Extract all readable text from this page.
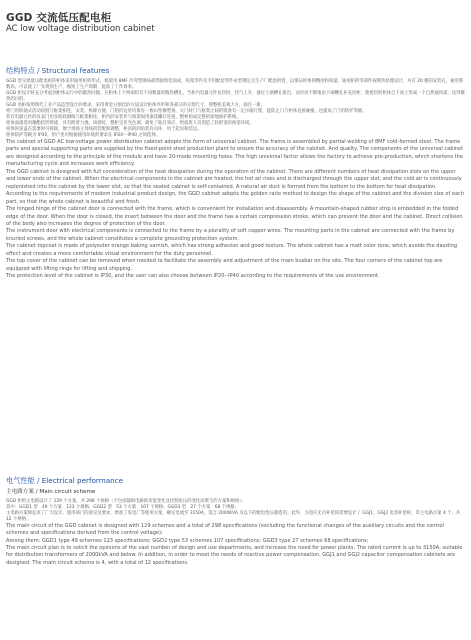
GGD 交流低压配电柜
AC low voltage distribution cabinet
结构特点 / Structural features

GGD 型交流低压配电柜的柜体采用通用柜的形式，框架用 8MF 冷弯型钢局部焊接组装而成，构架零件及专用配套零件由型钢定点生产厂配套供货，以保证柜体的精度和质量。通用柜的零部件按模块原理设计，并有 20 模的安装孔，通用系数高。可以使工厂实现预生产，缩短了生产周期，提高了工作效率。

GGD 柜设计时充分考虑到柜体运行中的散热问题。在柜体上下两端均有不同数量的散热槽孔，当柜内电器元件发热时，热气上升，通过上端槽孔排出，而冷风不断地由下端槽孔补充进柜，使密封的柜体自下而上形成一个自然通风道，达到散热的目的。

GGD 电柜按照现代工业产品造型设计的要求，采用黄金分割比的方法设计柜体外形和各部分的分割尺寸，使整柜美观大方，面目一新。

柜门用转轴式活动铰链与框架相连，安装、拆卸方便。门的折边处均嵌有一根山型橡塑条，关门时门与框架之间的嵌条有一定压缩行程，能防止门与柜体直接碰撞，也提高了门的防护等级。

装有电器元件的仪表门用多股软铜线与框架相连，柜内的安装件与构架间用滚花螺钉连接，整柜构成完整的接地保护系统。

柜体面漆选用聚酯桔形烤漆，具有附着力强，质感好，整柜呈亚光色调，避免了眩目效应，给值班人员创造了较舒适的视觉环境。

柜体的顶盖在需要时可拆除，便于现场主母线的装配和调整，柜顶的四角装有吊环，用于起吊和装运。

柜体防护等级为 IP30，用户也可根据使用环境的要求在 IP20～IP40 之间选择。

The cabinet of GGD AC low-voltage power distribution cabinet adopts the form of universal cabinet. The frame is assembled by partial welding of 8MF cold-formed steel. The frame parts and special supporting parts are supplied by the fixed-point steel production plant to ensure the accuracy of the cabinet. And quality. The components of the universal cabinet are designed according to the principle of the module and have 20-mode mounting holes. The high universal factor allows the factory to achieve pre-production, which shortens the manufacturing cycle and increases work efficiency.

The GGD cabinet is designed with full consideration of the heat dissipation during the operation of the cabinet. There are different numbers of heat dissipation slots on the upper and lower ends of the cabinet. When the electrical components in the cabinet are heated, the hot air rises and is discharged through the upper slot, and the cold air is continuously replenished into the cabinet by the lower slot, so that the sealed cabinet is self-contained. A natural air duct is formed from the bottom to the bottom for heat dissipation.

According to the requirements of modern industrial product design, the GGD cabinet adopts the golden ratio method to design the shape of the cabinet and the division size of each part, so that the whole cabinet is beautiful and fresh.

The hinged hinge of the cabinet door is connected with the frame, which is convenient for installation and disassembly. A mountain-shaped rubber strip is embedded in the folded edge of the door. When the door is closed, the insert between the door and the frame has a certain compression stroke, which can prevent the door and the cabinet. Direct collision of the body also increases the degree of protection of the door.

The instrument door with electrical components is connected to the frame by a plurality of soft copper wires. The mounting parts in the cabinet are connected with the frame by knurled screws, and the whole cabinet constitutes a complete grounding protection system.

The cabinet topcoat is made of polyester orange baking varnish, which has strong adhesion and good texture. The whole cabinet has a matt color tone, which avoids the dazzling effect and creates a more comfortable visual environment for the duty personnel.

The top cover of the cabinet can be removed when needed to facilitate the assembly and adjustment of the main busbar on the site. The four corners of the cabinet top are equipped with lifting rings for lifting and shipping.

The protection level of the cabinet is IP30, and the user can also choose between IP20--IP40 according to the requirements of the use environment.

电气性能 / Electrical performance
主电路方案 / Main circuit scheme

GGD 柜的主电路设计了 129 个方案，共 298 个规格（不包括辅助电路的功能变化及控制电压的变化而派生的方案和规格）；

其中：GGD1 型　49 个方案　123 个规格；GGD2 型　53 个方案　107 个规格；GGD3 型　27 个方案　68 个规格；

主电路方案除征求了广大设计、使用部门的意见及要求，增加了发电厂等使用方案，额定电流至 3150A，适合 2000KVA 及以下的配电变压器选用。此外，为适应无功补偿的需要设计了 GGJ1、GGJ2 电容补偿柜，其主电路方案 4 个，共 12 个规格。

The main circuit of the GGD cabinet is designed with 129 schemes and a total of 298 specifications (excluding the functional changes of the auxiliary circuits and the control schemes and specifications derived from the control voltage);

Among them: GGD1 type 49 schemes 123 specifications; GGD2 type 53 schemes 107 specifications; GGD3 type 27 schemes 68 specifications;

The main circuit plan is to solicit the opinions of the vast number of design and use departments, and increase the need for power plants. The rated current is up to 3150A, suitable for distribution transformers of 2000kVA and below. In addition, in order to meet the needs of reactive power compensation, GGJ1 and GGJ2 capacitor compensation cabinets are designed. The main circuit scheme is 4, with a total of 12 specifications.
